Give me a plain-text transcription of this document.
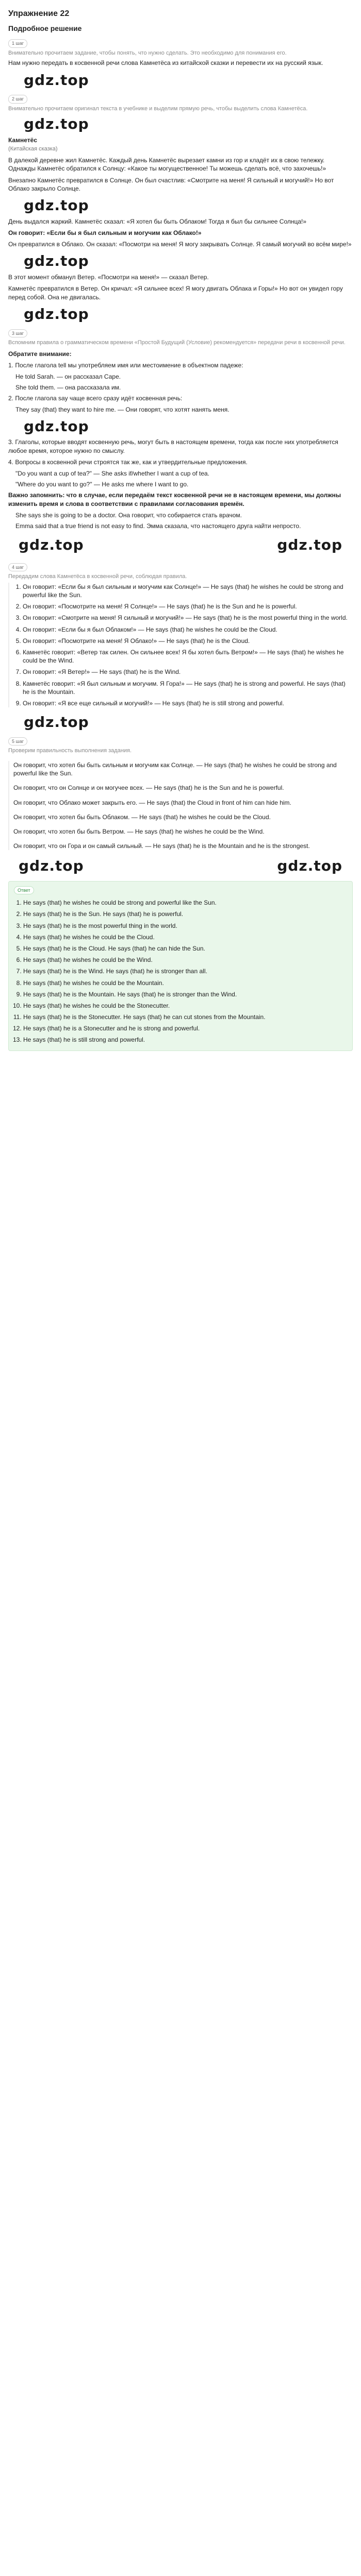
Упражнение 22
Подробное решение
1 шаг
Внимательно прочитаем задание, чтобы понять, что нужно сделать. Это необходимо для понимания его.
Нам нужно передать в косвенной речи слова Камнетёса из китайской сказки и перевести их на русский язык.
gdz.top
2 шаг
Внимательно прочитаем оригинал текста в учебнике и выделим прямую речь, чтобы выделить слова Камнетёса.
gdz.top
Камнетёс
(Китайская сказка)

В далекой деревне жил Камнетёс. Каждый день Камнетёс вырезает камни из гор и кладёт их в свою тележку. Однажды Камнетёс обратился к Солнцу: «Какое ты могущественное! Ты можешь сделать всё, что захочешь!»

Внезапно Камнетёс превратился в Солнце. Он был счастлив: «Смотрите на меня! Я сильный и могучий!» Но вот Облако закрыло Солнце.

gdz.top

День выдался жаркий. Камнетёс сказал: «Я хотел бы быть Облаком! Тогда я был бы сильнее Солнца!»

Он говорит: «Если бы я был сильным и могучим как Облако!»

Он превратился в Облако. Он сказал: «Посмотри на меня! Я могу закрывать Солнце. Я самый могучий во всём мире!»

gdz.top

В этот момент обманул Ветер. «Посмотри на меня!» — сказал Ветер.

Камнетёс превратился в Ветер. Он кричал: «Я сильнее всех! Я могу двигать Облака и Горы!» Но вот он увидел гору перед собой. Она не двигалась.

gdz.top
3 шаг
Вспомним правила о грамматическом времени «Простой Будущий (Условие) рекомендуется» передачи речи в косвенной речи.

Обратите внимание:

1. После глагола tell мы употребляем имя или местоимение в объектном падеже:

He told Sarah. — он рассказал Саре.
She told them. — она рассказала им.

2. После глагола say чаще всего сразу идёт косвенная речь:

They say (that) they want to hire me. — Они говорят, что хотят нанять меня.
gdz.top

3. Глаголы, которые вводят косвенную речь, могут быть в настоящем времени, тогда как после них употребляется любое время, которое нужно по смыслу.

4. Вопросы в косвенной речи строятся так же, как и утвердительные предложения.

"Do you want a cup of tea?" — She asks if/whether I want a cup of tea.
"Where do you want to go?" — He asks me where I want to go.

Важно запомнить: что в случае, если передаём текст косвенной речи не в настоящем времени, мы должны изменить время и слова в соответствии с правилами согласования времён.

She says she is going to be a doctor. Она говорит, что собирается стать врачом.
Emma said that a true friend is not easy to find. Эмма сказала, что настоящего друга найти непросто.
gdz.top	gdz.top
4 шаг
Передадим слова Камнетёса в косвенной речи, соблюдая правила.
1. Он говорит: «Если бы я был сильным и могучим как Солнце!» — He says (that) he wishes he could be strong and powerful like the Sun.
2. Он говорит: «Посмотрите на меня! Я Солнце!» — He says (that) he is the Sun and he is powerful.
3. Он говорит: «Смотрите на меня! Я сильный и могучий!» — He says (that) he is the most powerful thing in the world.
4. Он говорит: «Если бы я был Облаком!» — He says (that) he wishes he could be the Cloud.
5. Он говорит: «Посмотрите на меня! Я Облако!» — He says (that) he is the Cloud.
6. Камнетёс говорит: «Ветер так силен. Он сильнее всех! Я бы хотел быть Ветром!» — He says (that) he wishes he could be the Wind.
7. Он говорит: «Я Ветер!» — He says (that) he is the Wind.
8. Камнетёс говорит: «Я был сильным и могучим. Я Гора!» — He says (that) he is strong and powerful. He says (that) he is the Mountain.
9. Он говорит: «Я все еще сильный и могучий!» — He says (that) he is still strong and powerful.
gdz.top
5 шаг
Проверим правильность выполнения задания.

Он говорит, что хотел бы быть сильным и могучим как Солнце. — He says (that) he wishes he could be strong and powerful like the Sun.

Он говорит, что он Солнце и он могучее всех. — He says (that) he is the Sun and he is powerful.

Он говорит, что Облако может закрыть его. — He says (that) the Cloud in front of him can hide him.

Он говорит, что хотел бы быть Облаком. — He says (that) he wishes he could be the Cloud.

Он говорит, что хотел бы быть Ветром. — He says (that) he wishes he could be the Wind.

Он говорит, что он Гора и он самый сильный. — He says (that) he is the Mountain and he is the strongest.

gdz.top	gdz.top
Ответ
1. He says (that) he wishes he could be strong and powerful like the Sun.
2. He says (that) he is the Sun. He says (that) he is powerful.
3. He says (that) he is the most powerful thing in the world.
4. He says (that) he wishes he could be the Cloud.
5. He says (that) he is the Cloud. He says (that) he can hide the Sun.
6. He says (that) he wishes he could be the Wind.
7. He says (that) he is the Wind. He says (that) he is stronger than all.
8. He says (that) he wishes he could be the Mountain.
9. He says (that) he is the Mountain. He says (that) he is stronger than the Wind.
10. He says (that) he wishes he could be the Stonecutter.
11. He says (that) he is the Stonecutter. He says (that) he can cut stones from the Mountain.
12. He says (that) he is a Stonecutter and he is strong and powerful.
13. He says (that) he is still strong and powerful.
